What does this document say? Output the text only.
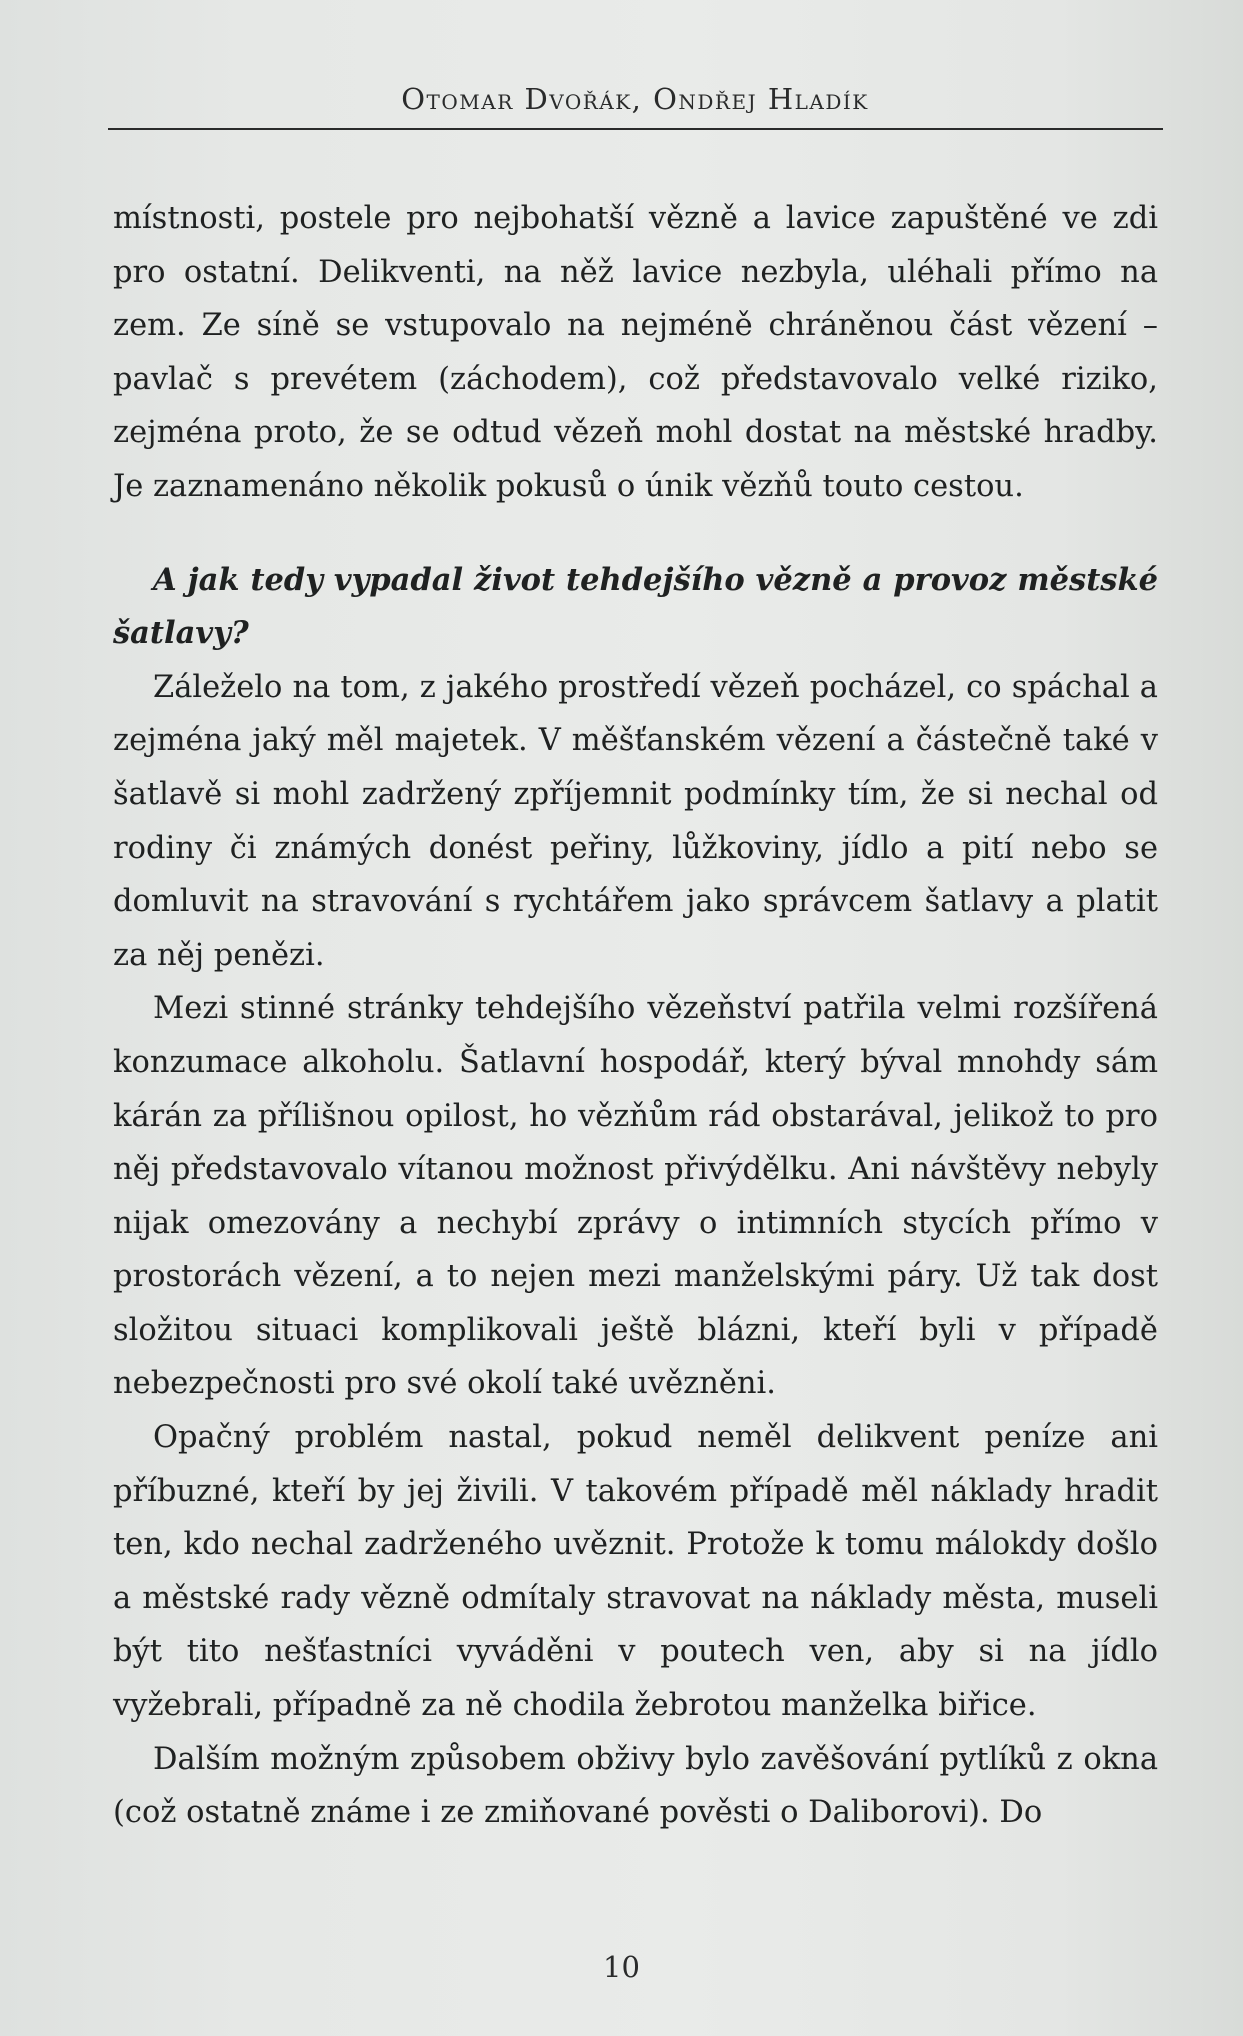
Otomar Dvořák, Ondřej Hladík

místnosti, postele pro nejbohatší vězně a lavice zapuštěné ve zdi pro ostatní. Delikventi, na něž lavice nezbyla, uléhali přímo na zem. Ze síně se vstupovalo na nejméně chráněnou část vězení – pavlač s prevétem (záchodem), což představovalo velké riziko, zejména proto, že se odtud vězeň mohl dostat na městské hradby. Je zaznamenáno několik pokusů o únik vězňů touto cestou.

A jak tedy vypadal život tehdejšího vězně a provoz městské šatlavy?

Záleželo na tom, z jakého prostředí vězeň pocházel, co spáchal a zejména jaký měl majetek. V měšťanském vězení a částečně také v šatlavě si mohl zadržený zpříjemnit podmínky tím, že si nechal od rodiny či známých donést peřiny, lůžkoviny, jídlo a pití nebo se domluvit na stravování s rychtářem jako správcem šatlavy a platit za něj penězi.

Mezi stinné stránky tehdejšího vězeňství patřila velmi rozšířená konzumace alkoholu. Šatlavní hospodář, který býval mnohdy sám kárán za přílišnou opilost, ho vězňům rád obstarával, jelikož to pro něj představovalo vítanou možnost přivýdělku. Ani návštěvy nebyly nijak omezovány a nechybí zprávy o intimních stycích přímo v prostorách vězení, a to nejen mezi manželskými páry. Už tak dost složitou situaci komplikovali ještě blázni, kteří byli v případě nebezpečnosti pro své okolí také uvězněni.

Opačný problém nastal, pokud neměl delikvent peníze ani příbuzné, kteří by jej živili. V takovém případě měl náklady hradit ten, kdo nechal zadrženého uvěznit. Protože k tomu málokdy došlo a městské rady vězně odmítaly stravovat na náklady města, museli být tito nešťastníci vyváděni v poutech ven, aby si na jídlo vyžebrali, případně za ně chodila žebrotou manželka biřice.

Dalším možným způsobem obživy bylo zavěšování pytlíků z okna (což ostatně známe i ze zmiňované pověsti o Daliborovi). Do

10
